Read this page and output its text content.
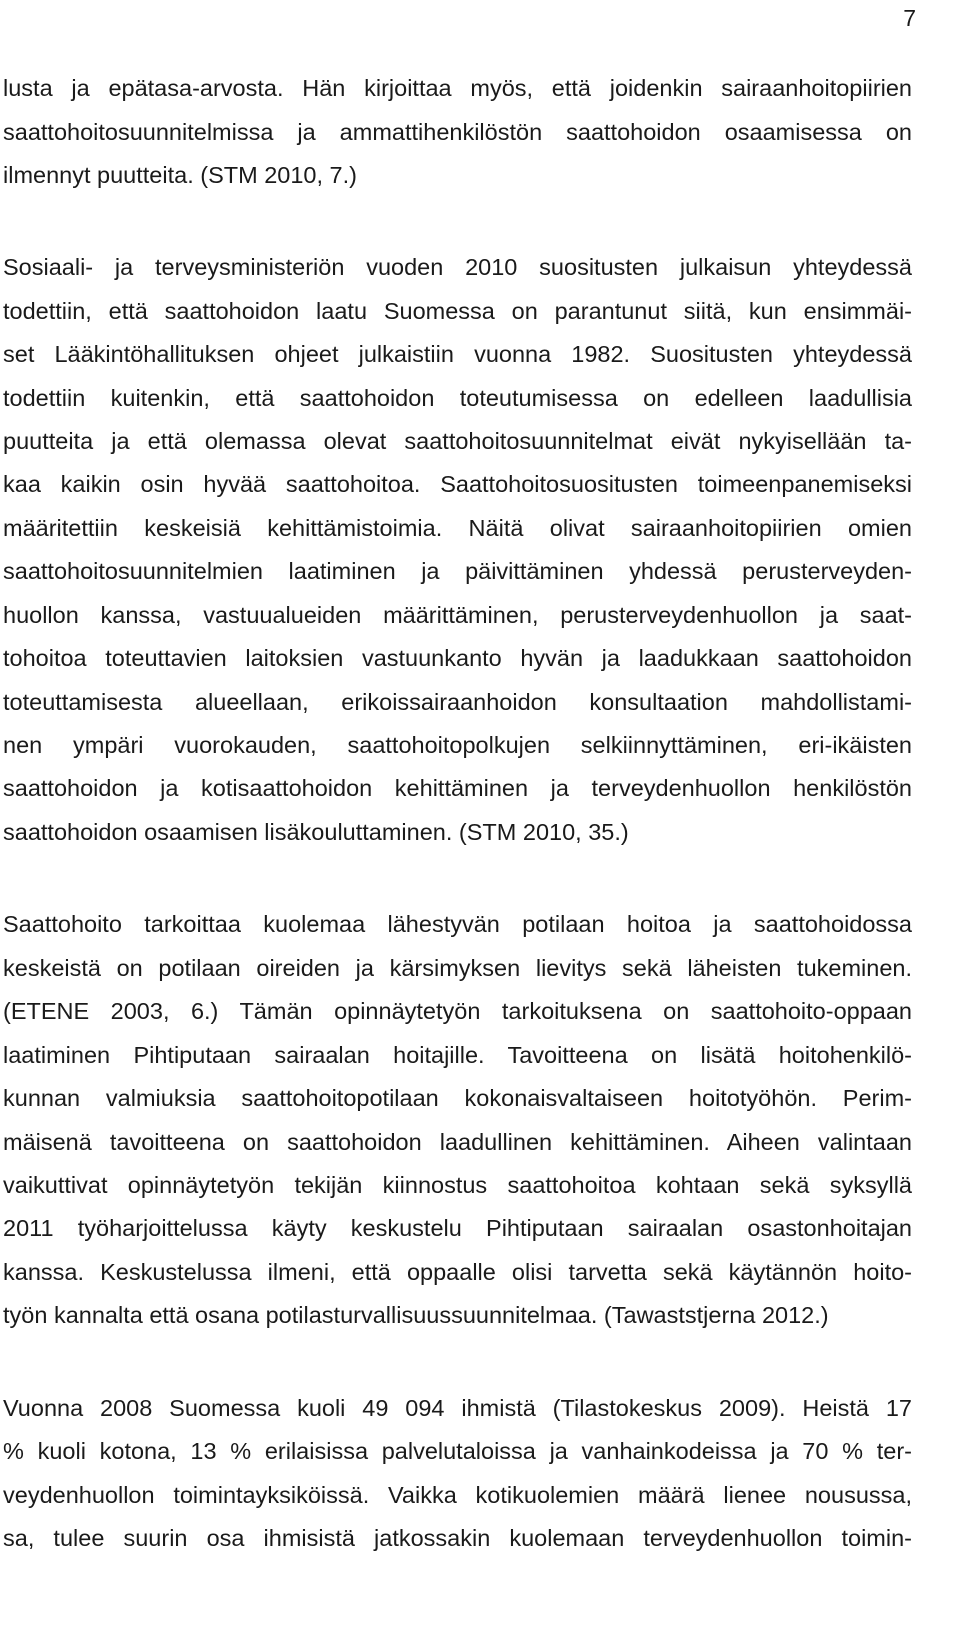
7
lusta ja epätasa-arvosta. Hän kirjoittaa myös, että joidenkin sairaanhoitopiirien
saattohoitosuunnitelmissa ja ammattihenkilöstön saattohoidon osaamisessa on
ilmennyt puutteita. (STM 2010, 7.)
Sosiaali- ja terveysministeriön vuoden 2010 suositusten julkaisun yhteydessä
todettiin, että saattohoidon laatu Suomessa on parantunut siitä, kun ensimmäi-
set Lääkintöhallituksen ohjeet julkaistiin vuonna 1982. Suositusten yhteydessä
todettiin kuitenkin, että saattohoidon toteutumisessa on edelleen laadullisia
puutteita ja että olemassa olevat saattohoitosuunnitelmat eivät nykyisellään ta-
kaa kaikin osin hyvää saattohoitoa. Saattohoitosuositusten toimeenpanemiseksi
määritettiin keskeisiä kehittämistoimia. Näitä olivat sairaanhoitopiirien omien
saattohoitosuunnitelmien laatiminen ja päivittäminen yhdessä perusterveyden-
huollon kanssa, vastuualueiden määrittäminen, perusterveydenhuollon ja saat-
tohoitoa toteuttavien laitoksien vastuunkanto hyvän ja laadukkaan saattohoidon
toteuttamisesta alueellaan, erikoissairaanhoidon konsultaation mahdollistami-
nen ympäri vuorokauden, saattohoitopolkujen selkiinnyttäminen, eri-ikäisten
saattohoidon ja kotisaattohoidon kehittäminen ja terveydenhuollon henkilöstön
saattohoidon osaamisen lisäkouluttaminen. (STM 2010, 35.)
Saattohoito tarkoittaa kuolemaa lähestyvän potilaan hoitoa ja saattohoidossa
keskeistä on potilaan oireiden ja kärsimyksen lievitys sekä läheisten tukeminen.
(ETENE 2003, 6.) Tämän opinnäytetyön tarkoituksena on saattohoito-oppaan
laatiminen Pihtiputaan sairaalan hoitajille. Tavoitteena on lisätä hoitohenkilö-
kunnan valmiuksia saattohoitopotilaan kokonaisvaltaiseen hoitotyöhön. Perim-
mäisenä tavoitteena on saattohoidon laadullinen kehittäminen. Aiheen valintaan
vaikuttivat opinnäytetyön tekijän kiinnostus saattohoitoa kohtaan sekä syksyllä
2011 työharjoittelussa käyty keskustelu Pihtiputaan sairaalan osastonhoitajan
kanssa. Keskustelussa ilmeni, että oppaalle olisi tarvetta sekä käytännön hoito-
työn kannalta että osana potilasturvallisuussuunnitelmaa. (Tawaststjerna 2012.)
Vuonna 2008 Suomessa kuoli 49 094 ihmistä (Tilastokeskus 2009). Heistä 17
% kuoli kotona, 13 % erilaisissa palvelutaloissa ja vanhainkodeissa ja 70 % ter-
veydenhuollon toimintayksiköissä. Vaikka kotikuolemien määrä lienee nousussa,
sa, tulee suurin osa ihmisistä jatkossakin kuolemaan terveydenhuollon toimin-
